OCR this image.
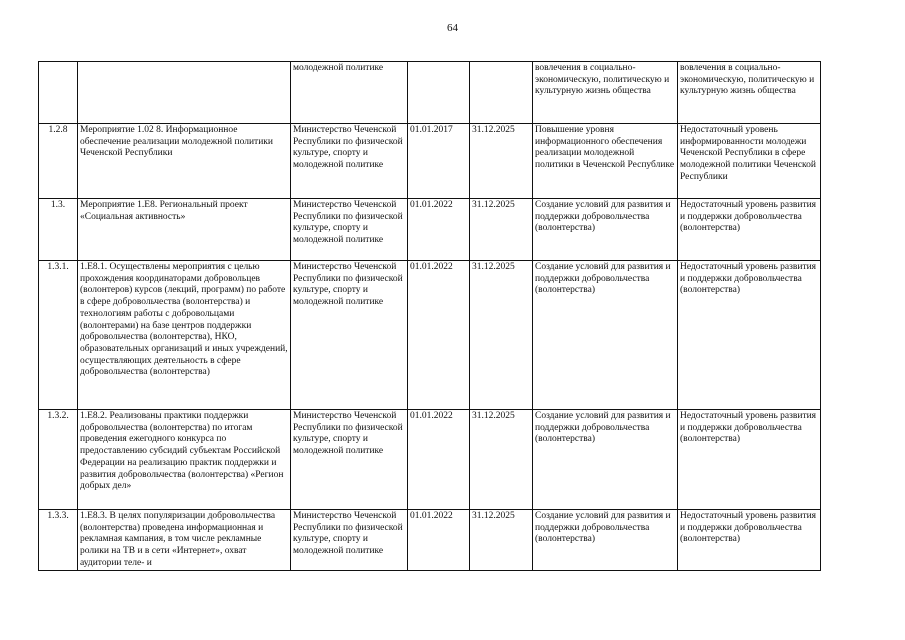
64
		молодежной политике			вовлечения в социально-экономическую, политическую и культурную жизнь общества	вовлечения в социально-экономическую, политическую и культурную жизнь общества
1.2.8	Мероприятие 1.02 8. Информационное обеспечение реализации молодежной политики Чеченской Республики	Министерство Чеченской Республики по физической культуре, спорту и молодежной политике	01.01.2017	31.12.2025	Повышение уровня информационного обеспечения реализации молодежной политики в Чеченской Республике	Недостаточный уровень информированности молодежи Чеченской Республики в сфере молодежной политики Чеченской Республики
1.3.	Мероприятие 1.Е8. Региональный проект «Социальная активность»	Министерство Чеченской Республики по физической культуре, спорту и молодежной политике	01.01.2022	31.12.2025	Создание условий для развития и поддержки добровольчества (волонтерства)	Недостаточный уровень развития и поддержки добровольчества (волонтерства)
1.3.1.	1.Е8.1. Осуществлены мероприятия с целью прохождения координаторами добровольцев (волонтеров) курсов (лекций, программ) по работе в сфере добровольчества (волонтерства) и технологиям работы с добровольцами (волонтерами) на базе центров поддержки добровольчества (волонтерства), НКО, образовательных организаций и иных учреждений, осуществляющих деятельность в сфере добровольчества (волонтерства)	Министерство Чеченской Республики по физической культуре, спорту и молодежной политике	01.01.2022	31.12.2025	Создание условий для развития и поддержки добровольчества (волонтерства)	Недостаточный уровень развития и поддержки добровольчества (волонтерства)
1.3.2.	1.Е8.2. Реализованы практики поддержки добровольчества (волонтерства) по итогам проведения ежегодного конкурса по предоставлению субсидий субъектам Российской Федерации на реализацию практик поддержки и развития добровольчества (волонтерства) «Регион добрых дел»	Министерство Чеченской Республики по физической культуре, спорту и молодежной политике	01.01.2022	31.12.2025	Создание условий для развития и поддержки добровольчества (волонтерства)	Недостаточный уровень развития и поддержки добровольчества (волонтерства)
1.3.3.	1.Е8.3. В целях популяризации добровольчества (волонтерства) проведена информационная и рекламная кампания, в том числе рекламные ролики на ТВ и в сети «Интернет», охват аудитории теле- и	Министерство Чеченской Республики по физической культуре, спорту и молодежной политике	01.01.2022	31.12.2025	Создание условий для развития и поддержки добровольчества (волонтерства)	Недостаточный уровень развития и поддержки добровольчества (волонтерства)
